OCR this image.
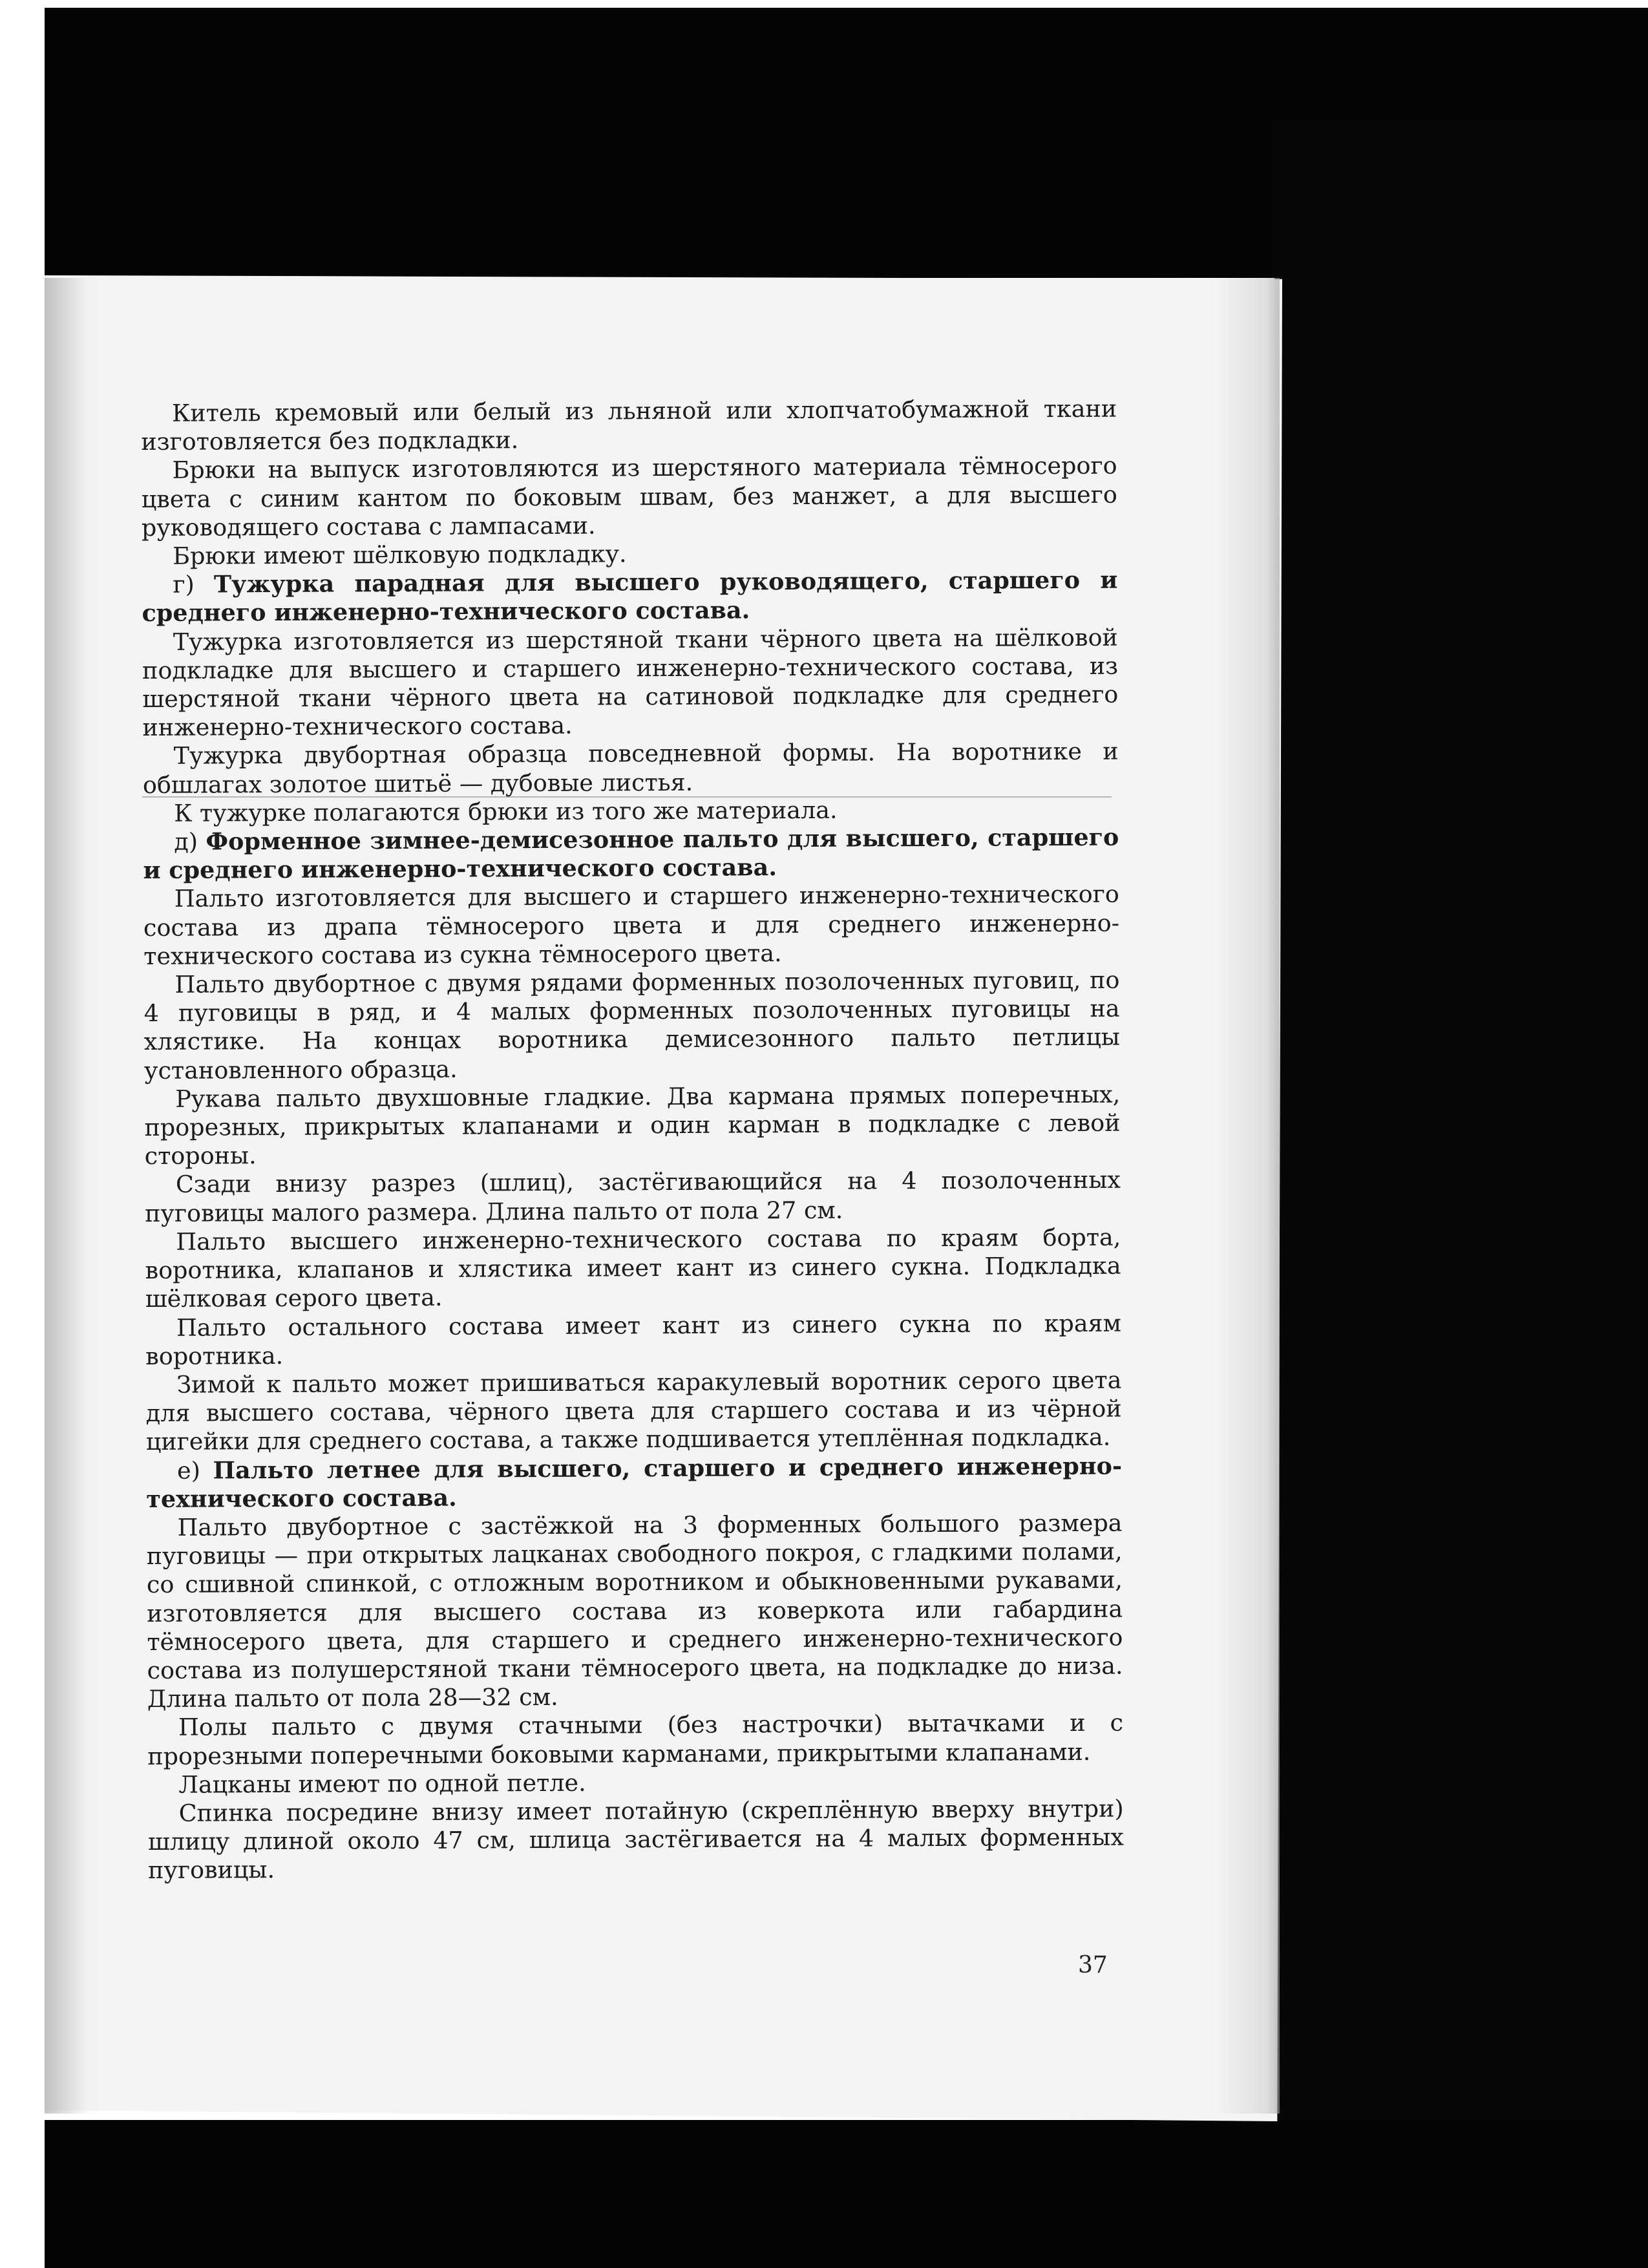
Китель кремовый или белый из льняной или хлопчатобумажной ткани изготовляется без подкладки.

Брюки на выпуск изготовляются из шерстяного материала тёмносерого цвета с синим кантом по боковым швам, без манжет, а для высшего руководящего состава с лампасами.

Брюки имеют шёлковую подкладку.

г) Тужурка парадная для высшего руководящего, старшего и среднего инженерно-технического состава.

Тужурка изготовляется из шерстяной ткани чёрного цвета на шёлковой подкладке для высшего и старшего инженерно-технического состава, из шерстяной ткани чёрного цвета на сатиновой подкладке для среднего инженерно-технического состава.

Тужурка двубортная образца повседневной формы. На воротнике и обшлагах золотое шитьё — дубовые листья.

К тужурке полагаются брюки из того же материала.

д) Форменное зимнее-демисезонное пальто для высшего, старшего и среднего инженерно-технического состава.

Пальто изготовляется для высшего и старшего инженерно-технического состава из драпа тёмносерого цвета и для среднего инженерно-технического состава из сукна тёмносерого цвета.

Пальто двубортное с двумя рядами форменных позолоченных пуговиц, по 4 пуговицы в ряд, и 4 малых форменных позолоченных пуговицы на хлястике. На концах воротника демисезонного пальто петлицы установленного образца.

Рукава пальто двухшовные гладкие. Два кармана прямых поперечных, прорезных, прикрытых клапанами и один карман в подкладке с левой стороны.

Сзади внизу разрез (шлиц), застёгивающийся на 4 позолоченных пуговицы малого размера. Длина пальто от пола 27 см.

Пальто высшего инженерно-технического состава по краям борта, воротника, клапанов и хлястика имеет кант из синего сукна. Подкладка шёлковая серого цвета.

Пальто остального состава имеет кант из синего сукна по краям воротника.

Зимой к пальто может пришиваться каракулевый воротник серого цвета для высшего состава, чёрного цвета для старшего состава и из чёрной цигейки для среднего состава, а также подшивается утеплённая подкладка.

е) Пальто летнее для высшего, старшего и среднего инженерно-технического состава.

Пальто двубортное с застёжкой на 3 форменных большого размера пуговицы — при открытых лацканах свободного покроя, с гладкими полами, со сшивной спинкой, с отложным воротником и обыкновенными рукавами, изготовляется для высшего состава из коверкота или габардина тёмносерого цвета, для старшего и среднего инженерно-технического состава из полушерстяной ткани тёмносерого цвета, на подкладке до низа. Длина пальто от пола 28—32 см.

Полы пальто с двумя стачными (без настрочки) вытачками и с прорезными поперечными боковыми карманами, прикрытыми клапанами.

Лацканы имеют по одной петле.

Спинка посредине внизу имеет потайную (скреплённую вверху внутри) шлицу длиной около 47 см, шлица застёгивается на 4 малых форменных пуговицы.

37
